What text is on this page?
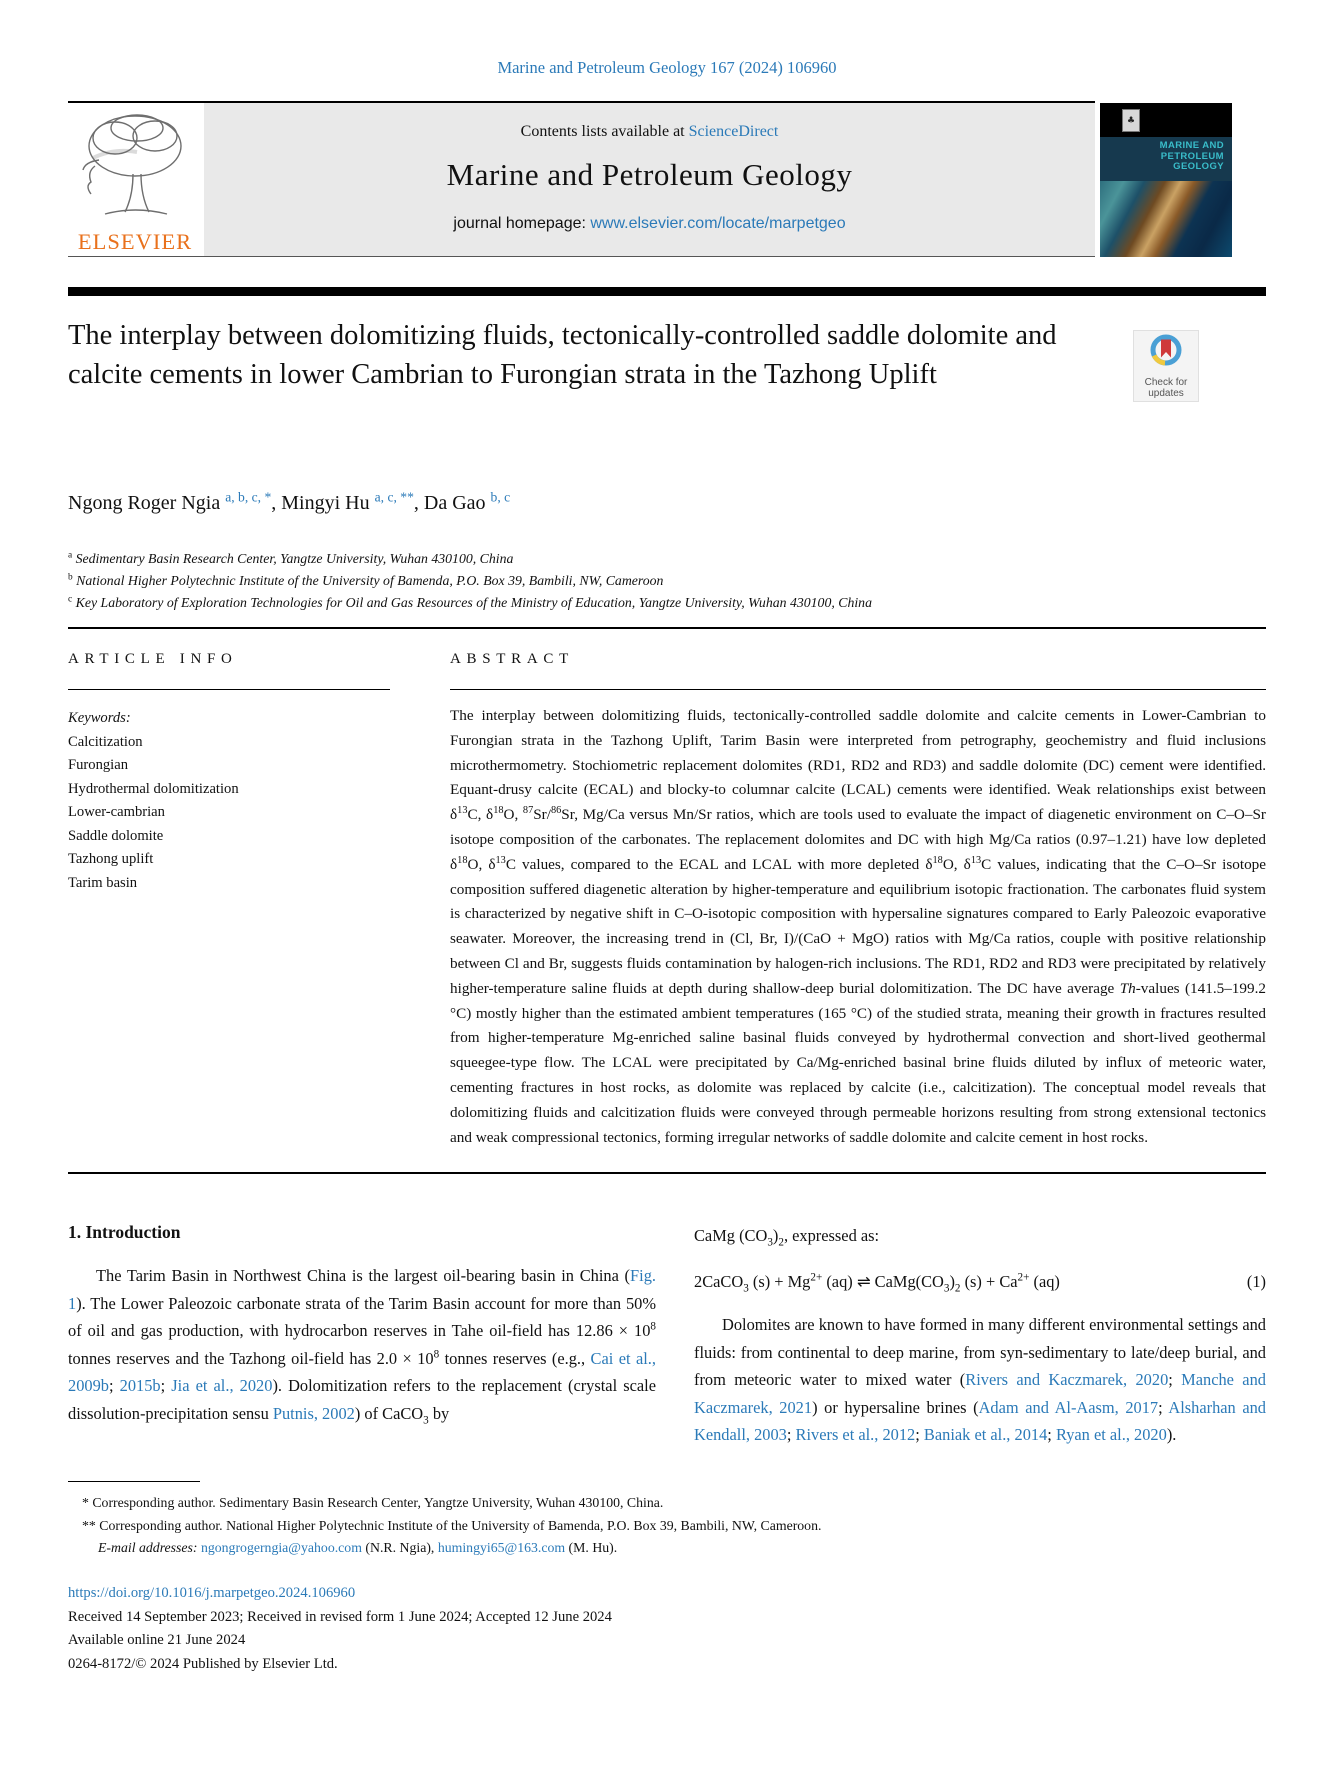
Marine and Petroleum Geology 167 (2024) 106960
ELSEVIER
Contents lists available at ScienceDirect
Marine and Petroleum Geology
journal homepage: www.elsevier.com/locate/marpetgeo
♣
MARINE AND
PETROLEUM
GEOLOGY
The interplay between dolomitizing fluids, tectonically-controlled saddle dolomite and calcite cements in lower Cambrian to Furongian strata in the Tazhong Uplift	Check for
updates
Ngong Roger Ngia $^{a, b, c, *}$, Mingyi Hu $^{a, c, **}$, Da Gao $^{b, c}$
$^a$ Sedimentary Basin Research Center, Yangtze University, Wuhan 430100, China
$^b$ National Higher Polytechnic Institute of the University of Bamenda, P.O. Box 39, Bambili, NW, Cameroon
$^c$ Key Laboratory of Exploration Technologies for Oil and Gas Resources of the Ministry of Education, Yangtze University, Wuhan 430100, China
ARTICLE INFO	ABSTRACT
Keywords:
Calcitization
Furongian
Hydrothermal dolomitization
Lower-cambrian
Saddle dolomite
Tazhong uplift
Tarim basin
The interplay between dolomitizing fluids, tectonically-controlled saddle dolomite and calcite cements in Lower-Cambrian to Furongian strata in the Tazhong Uplift, Tarim Basin were interpreted from petrography, geochemistry and fluid inclusions microthermometry. Stochiometric replacement dolomites (RD1, RD2 and RD3) and saddle dolomite (DC) cement were identified. Equant-drusy calcite (ECAL) and blocky-to columnar calcite (LCAL) cements were identified. Weak relationships exist between $\delta^{13}C$, $\delta^{18}O$, $^{87}$Sr/$^{86}$Sr, Mg/Ca versus Mn/Sr ratios, which are tools used to evaluate the impact of diagenetic environment on C–O–Sr isotope composition of the carbonates. The replacement dolomites and DC with high Mg/Ca ratios (0.97–1.21) have low depleted $\delta^{18}O$, $\delta^{13}C$ values, compared to the ECAL and LCAL with more depleted $\delta^{18}O$, $\delta^{13}C$ values, indicating that the C–O–Sr isotope composition suffered diagenetic alteration by higher-temperature and equilibrium isotopic fractionation. The carbonates fluid system is characterized by negative shift in C–O-isotopic composition with hypersaline signatures compared to Early Paleozoic evaporative seawater. Moreover, the increasing trend in (Cl, Br, I)/(CaO + MgO) ratios with Mg/Ca ratios, couple with positive relationship between Cl and Br, suggests fluids contamination by halogen-rich inclusions. The RD1, RD2 and RD3 were precipitated by relatively higher-temperature saline fluids at depth during shallow-deep burial dolomitization. The DC have average Th-values (141.5–199.2 °C) mostly higher than the estimated ambient temperatures (165 °C) of the studied strata, meaning their growth in fractures resulted from higher-temperature Mg-enriched saline basinal fluids conveyed by hydrothermal convection and short-lived geothermal squeegee-type flow. The LCAL were precipitated by Ca/Mg-enriched basinal brine fluids diluted by influx of meteoric water, cementing fractures in host rocks, as dolomite was replaced by calcite (i.e., calcitization). The conceptual model reveals that dolomitizing fluids and calcitization fluids were conveyed through permeable horizons resulting from strong extensional tectonics and weak compressional tectonics, forming irregular networks of saddle dolomite and calcite cement in host rocks.
1. Introduction
The Tarim Basin in Northwest China is the largest oil-bearing basin in China (Fig. 1). The Lower Paleozoic carbonate strata of the Tarim Basin account for more than 50% of oil and gas production, with hydrocarbon reserves in Tahe oil-field has $12.86 \times 10^8$ tonnes reserves and the Tazhong oil-field has $2.0 \times 10^8$ tonnes reserves (e.g., Cai et al., 2009b; 2015b; Jia et al., 2020). Dolomitization refers to the replacement (crystal scale dissolution-precipitation sensu Putnis, 2002) of CaCO$_3$ by
CaMg $(CO_3)_2$, expressed as:
2CaCO$_3$ $(s) + Mg^{2+}$ (aq) ⇌ $CaMg(CO_3)_2$ $(s) + Ca^{2+}$ (aq)	(1)
Dolomites are known to have formed in many different environmental settings and fluids: from continental to deep marine, from syn-sedimentary to late/deep burial, and from meteoric water to mixed water (Rivers and Kaczmarek, 2020; Manche and Kaczmarek, 2021) or hypersaline brines (Adam and Al-Aasm, 2017; Alsharhan and Kendall, 2003; Rivers et al., 2012; Baniak et al., 2014; Ryan et al., 2020).
* Corresponding author. Sedimentary Basin Research Center, Yangtze University, Wuhan 430100, China.
** Corresponding author. National Higher Polytechnic Institute of the University of Bamenda, P.O. Box 39, Bambili, NW, Cameroon.
E-mail addresses: ngongrogerngia@yahoo.com (N.R. Ngia), humingyi65@163.com (M. Hu).
https://doi.org/10.1016/j.marpetgeo.2024.106960
Received 14 September 2023; Received in revised form 1 June 2024; Accepted 12 June 2024
Available online 21 June 2024
0264-8172/© 2024 Published by Elsevier Ltd.
